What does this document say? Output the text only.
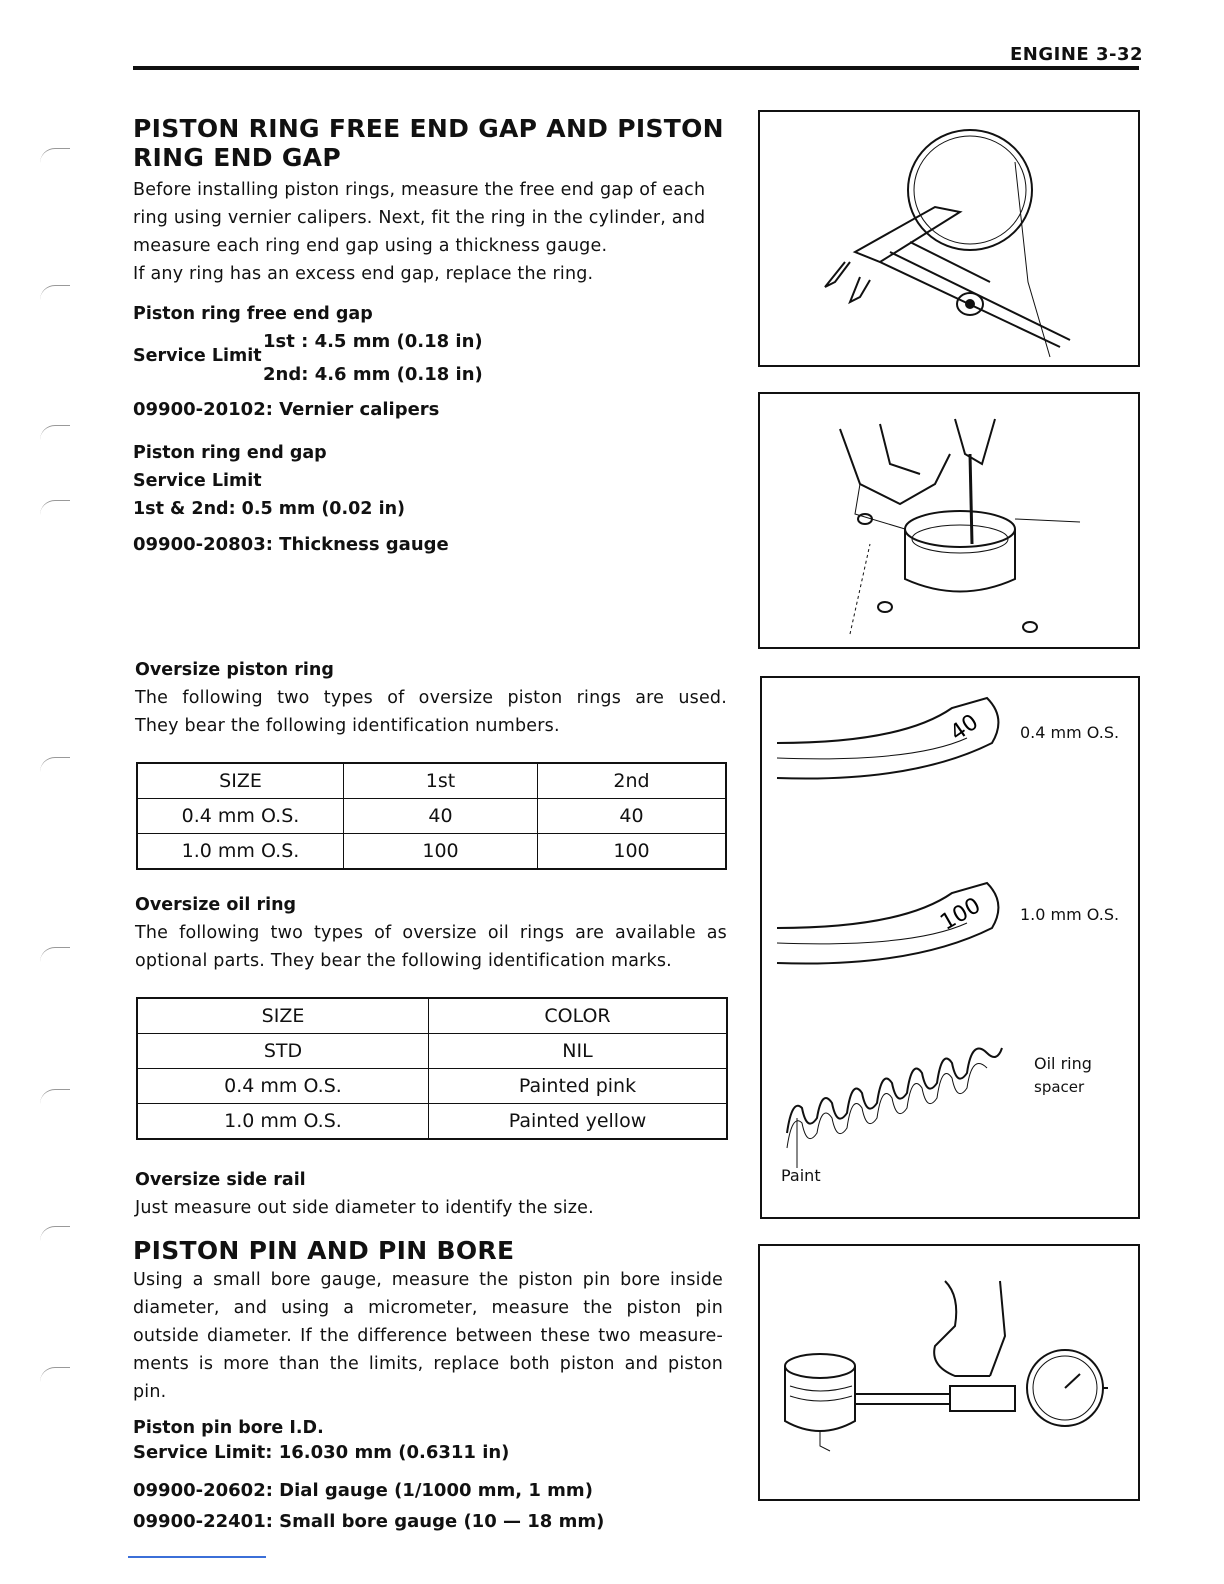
ENGINE 3-32
PISTON RING FREE END GAP AND PISTON
RING END GAP

Before installing piston rings, measure the free end gap of each

ring using vernier calipers. Next, fit the ring in the cylinder, and

measure each ring end gap using a thickness gauge.

If any ring has an excess end gap, replace the ring.

Piston ring free end gap
Service Limit
1st : 4.5 mm (0.18 in)
2nd: 4.6 mm (0.18 in)
09900-20102: Vernier calipers
Piston ring end gap
Service Limit
1st & 2nd: 0.5 mm (0.02 in)
09900-20803: Thickness gauge
Oversize piston ring

The following two types of oversize piston rings are used.

They bear the following identification numbers.

SIZE	1st	2nd
0.4 mm O.S.	40	40
1.0 mm O.S.	100	100
Oversize oil ring

The following two types of oversize oil rings are available as

optional parts. They bear the following identification marks.

SIZE	COLOR
STD	NIL
0.4 mm O.S.	Painted pink
1.0 mm O.S.	Painted yellow
Oversize side rail

Just measure out side diameter to identify the size.

PISTON PIN AND PIN BORE

Using a small bore gauge, measure the piston pin bore inside

diameter, and using a micrometer, measure the piston pin

outside diameter. If the difference between these two measure-

ments is more than the limits, replace both piston and piston

pin.

Piston pin bore I.D.
Service Limit: 16.030 mm (0.6311 in)
09900-20602: Dial gauge (1/1000 mm, 1 mm)
09900-22401: Small bore gauge (10 — 18 mm)
40
100
0.4 mm O.S.
1.0 mm O.S.
Oil ring
spacer
Paint
